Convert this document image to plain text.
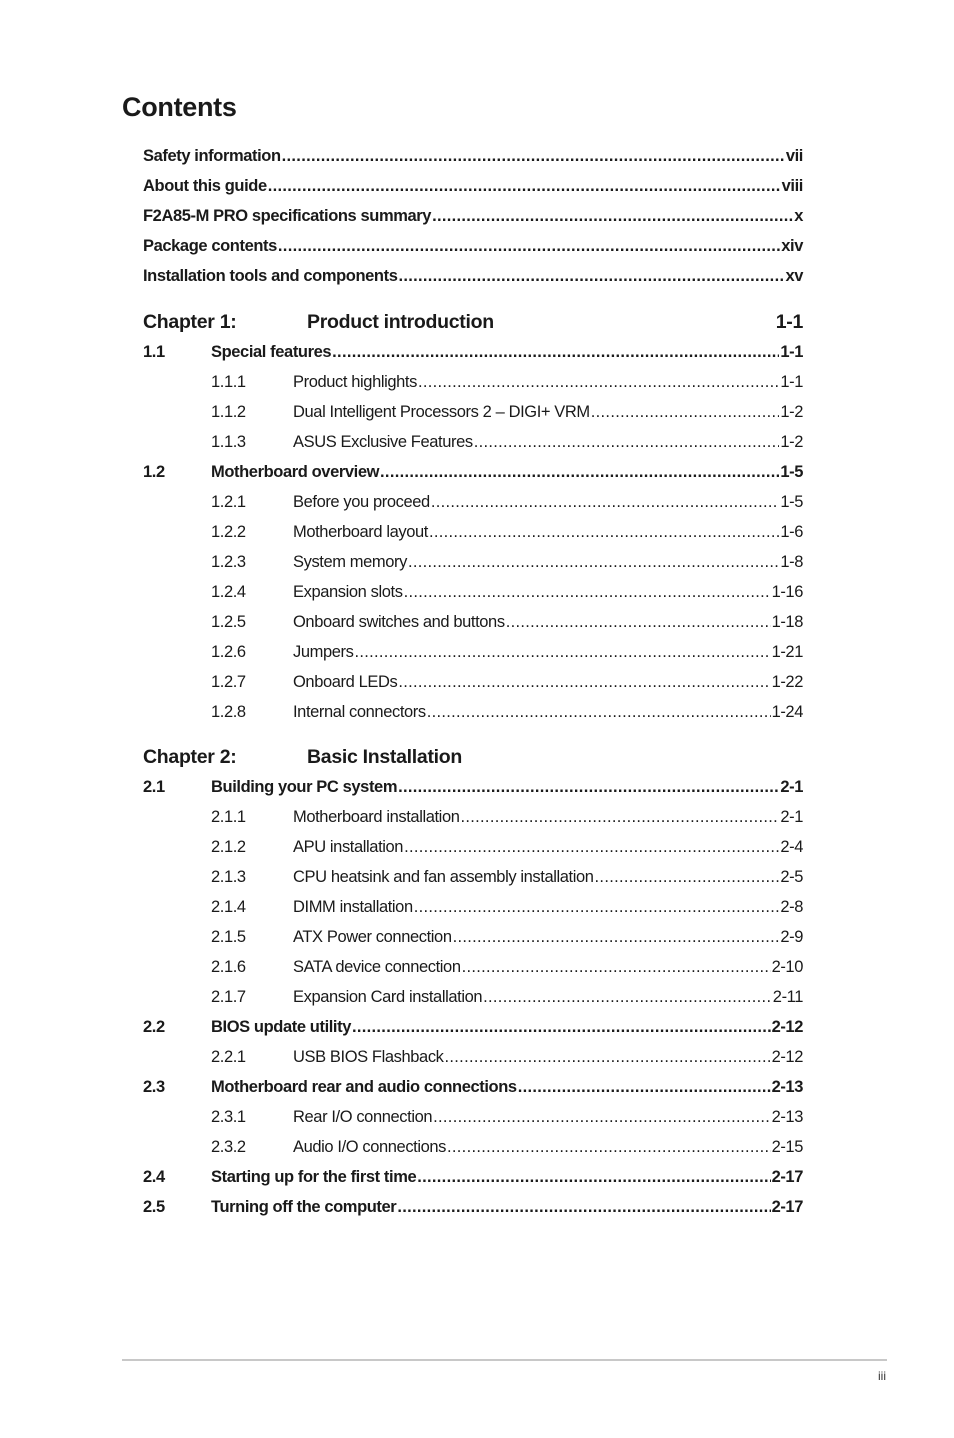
Contents
Safety information .....	vii
About this guide .....	viii
F2A85-M PRO specifications summary .....	x
Package contents .....	xiv
Installation tools and components .....	xv
Chapter 1:	Product introduction	1-1
1.1	Special features .....	1-1
1.1.1	Product highlights .....	1-1
1.1.2	Dual Intelligent Processors 2 – DIGI+ VRM .....	1-2
1.1.3	ASUS Exclusive Features .....	1-2
1.2	Motherboard overview .....	1-5
1.2.1	Before you proceed .....	1-5
1.2.2	Motherboard layout .....	1-6
1.2.3	System memory .....	1-8
1.2.4	Expansion slots .....	1-16
1.2.5	Onboard switches and buttons .....	1-18
1.2.6	Jumpers .....	1-21
1.2.7	Onboard LEDs .....	1-22
1.2.8	Internal connectors .....	1-24
Chapter 2:	Basic Installation
2.1	Building your PC system .....	2-1
2.1.1	Motherboard installation .....	2-1
2.1.2	APU installation .....	2-4
2.1.3	CPU heatsink and fan assembly installation .....	2-5
2.1.4	DIMM installation .....	2-8
2.1.5	ATX Power connection .....	2-9
2.1.6	SATA device connection .....	2-10
2.1.7	Expansion Card installation .....	2-11
2.2	BIOS update utility .....	2-12
2.2.1	USB BIOS Flashback .....	2-12
2.3	Motherboard rear and audio connections .....	2-13
2.3.1	Rear I/O connection .....	2-13
2.3.2	Audio I/O connections .....	2-15
2.4	Starting up for the first time .....	2-17
2.5	Turning off the computer .....	2-17
iii
